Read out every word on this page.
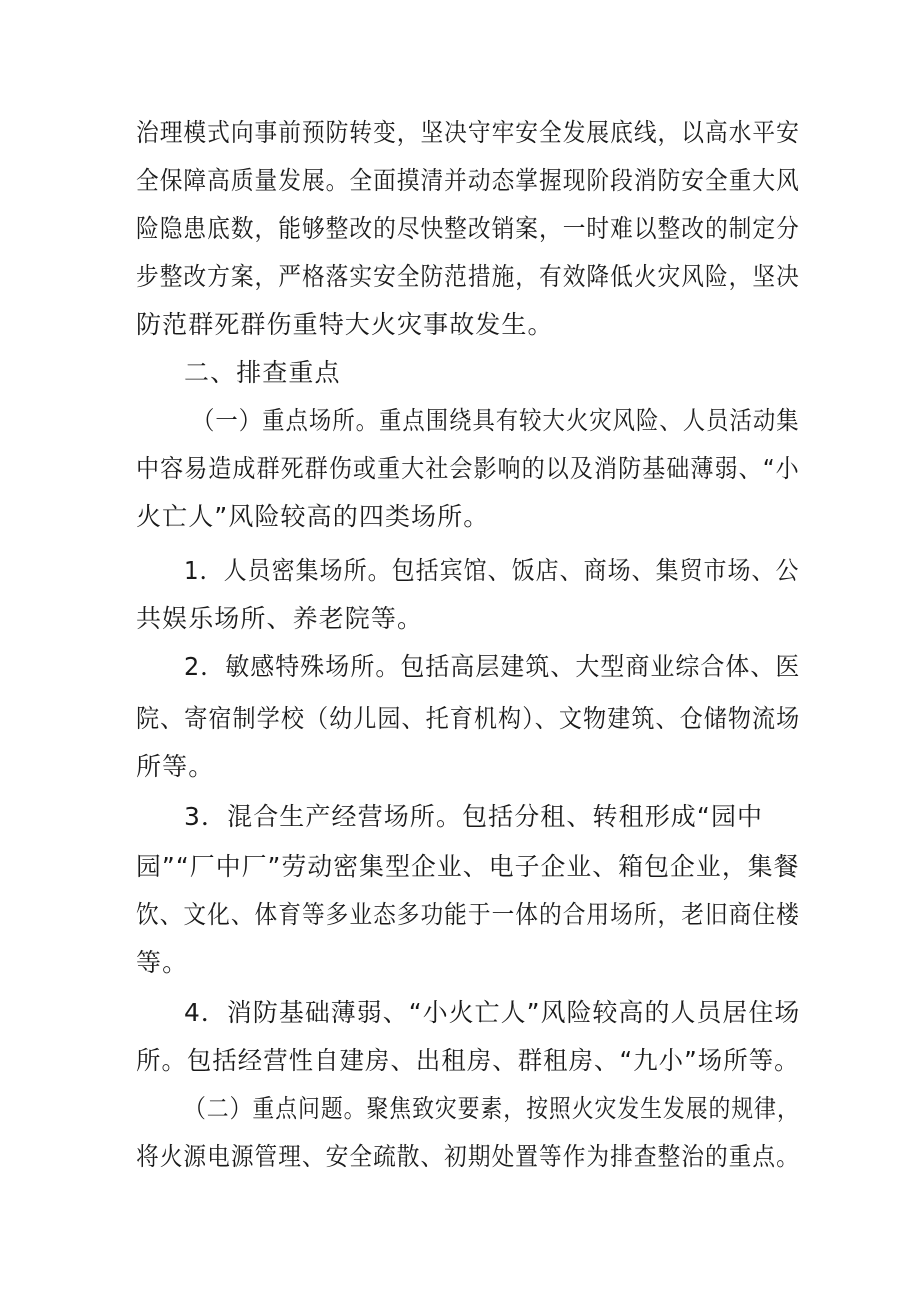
治理模式向事前预防转变，坚决守牢安全发展底线，以高水平安
全保障高质量发展。全面摸清并动态掌握现阶段消防安全重大风
险隐患底数，能够整改的尽快整改销案，一时难以整改的制定分
步整改方案，严格落实安全防范措施，有效降低火灾风险，坚决
防范群死群伤重特大火灾事故发生。
二、排查重点
（一）重点场所。重点围绕具有较大火灾风险、人员活动集
中容易造成群死群伤或重大社会影响的以及消防基础薄弱、“小
火亡人”风险较高的四类场所。
1．人员密集场所。包括宾馆、饭店、商场、集贸市场、公
共娱乐场所、养老院等。
2．敏感特殊场所。包括高层建筑、大型商业综合体、医
院、寄宿制学校（幼儿园、托育机构）、文物建筑、仓储物流场
所等。
3．混合生产经营场所。包括分租、转租形成“园中
园”“厂中厂”劳动密集型企业、电子企业、箱包企业，集餐
饮、文化、体育等多业态多功能于一体的合用场所，老旧商住楼
等。
4．消防基础薄弱、“小火亡人”风险较高的人员居住场
所。包括经营性自建房、出租房、群租房、“九小”场所等。
（二）重点问题。聚焦致灾要素，按照火灾发生发展的规律，
将火源电源管理、安全疏散、初期处置等作为排查整治的重点。
